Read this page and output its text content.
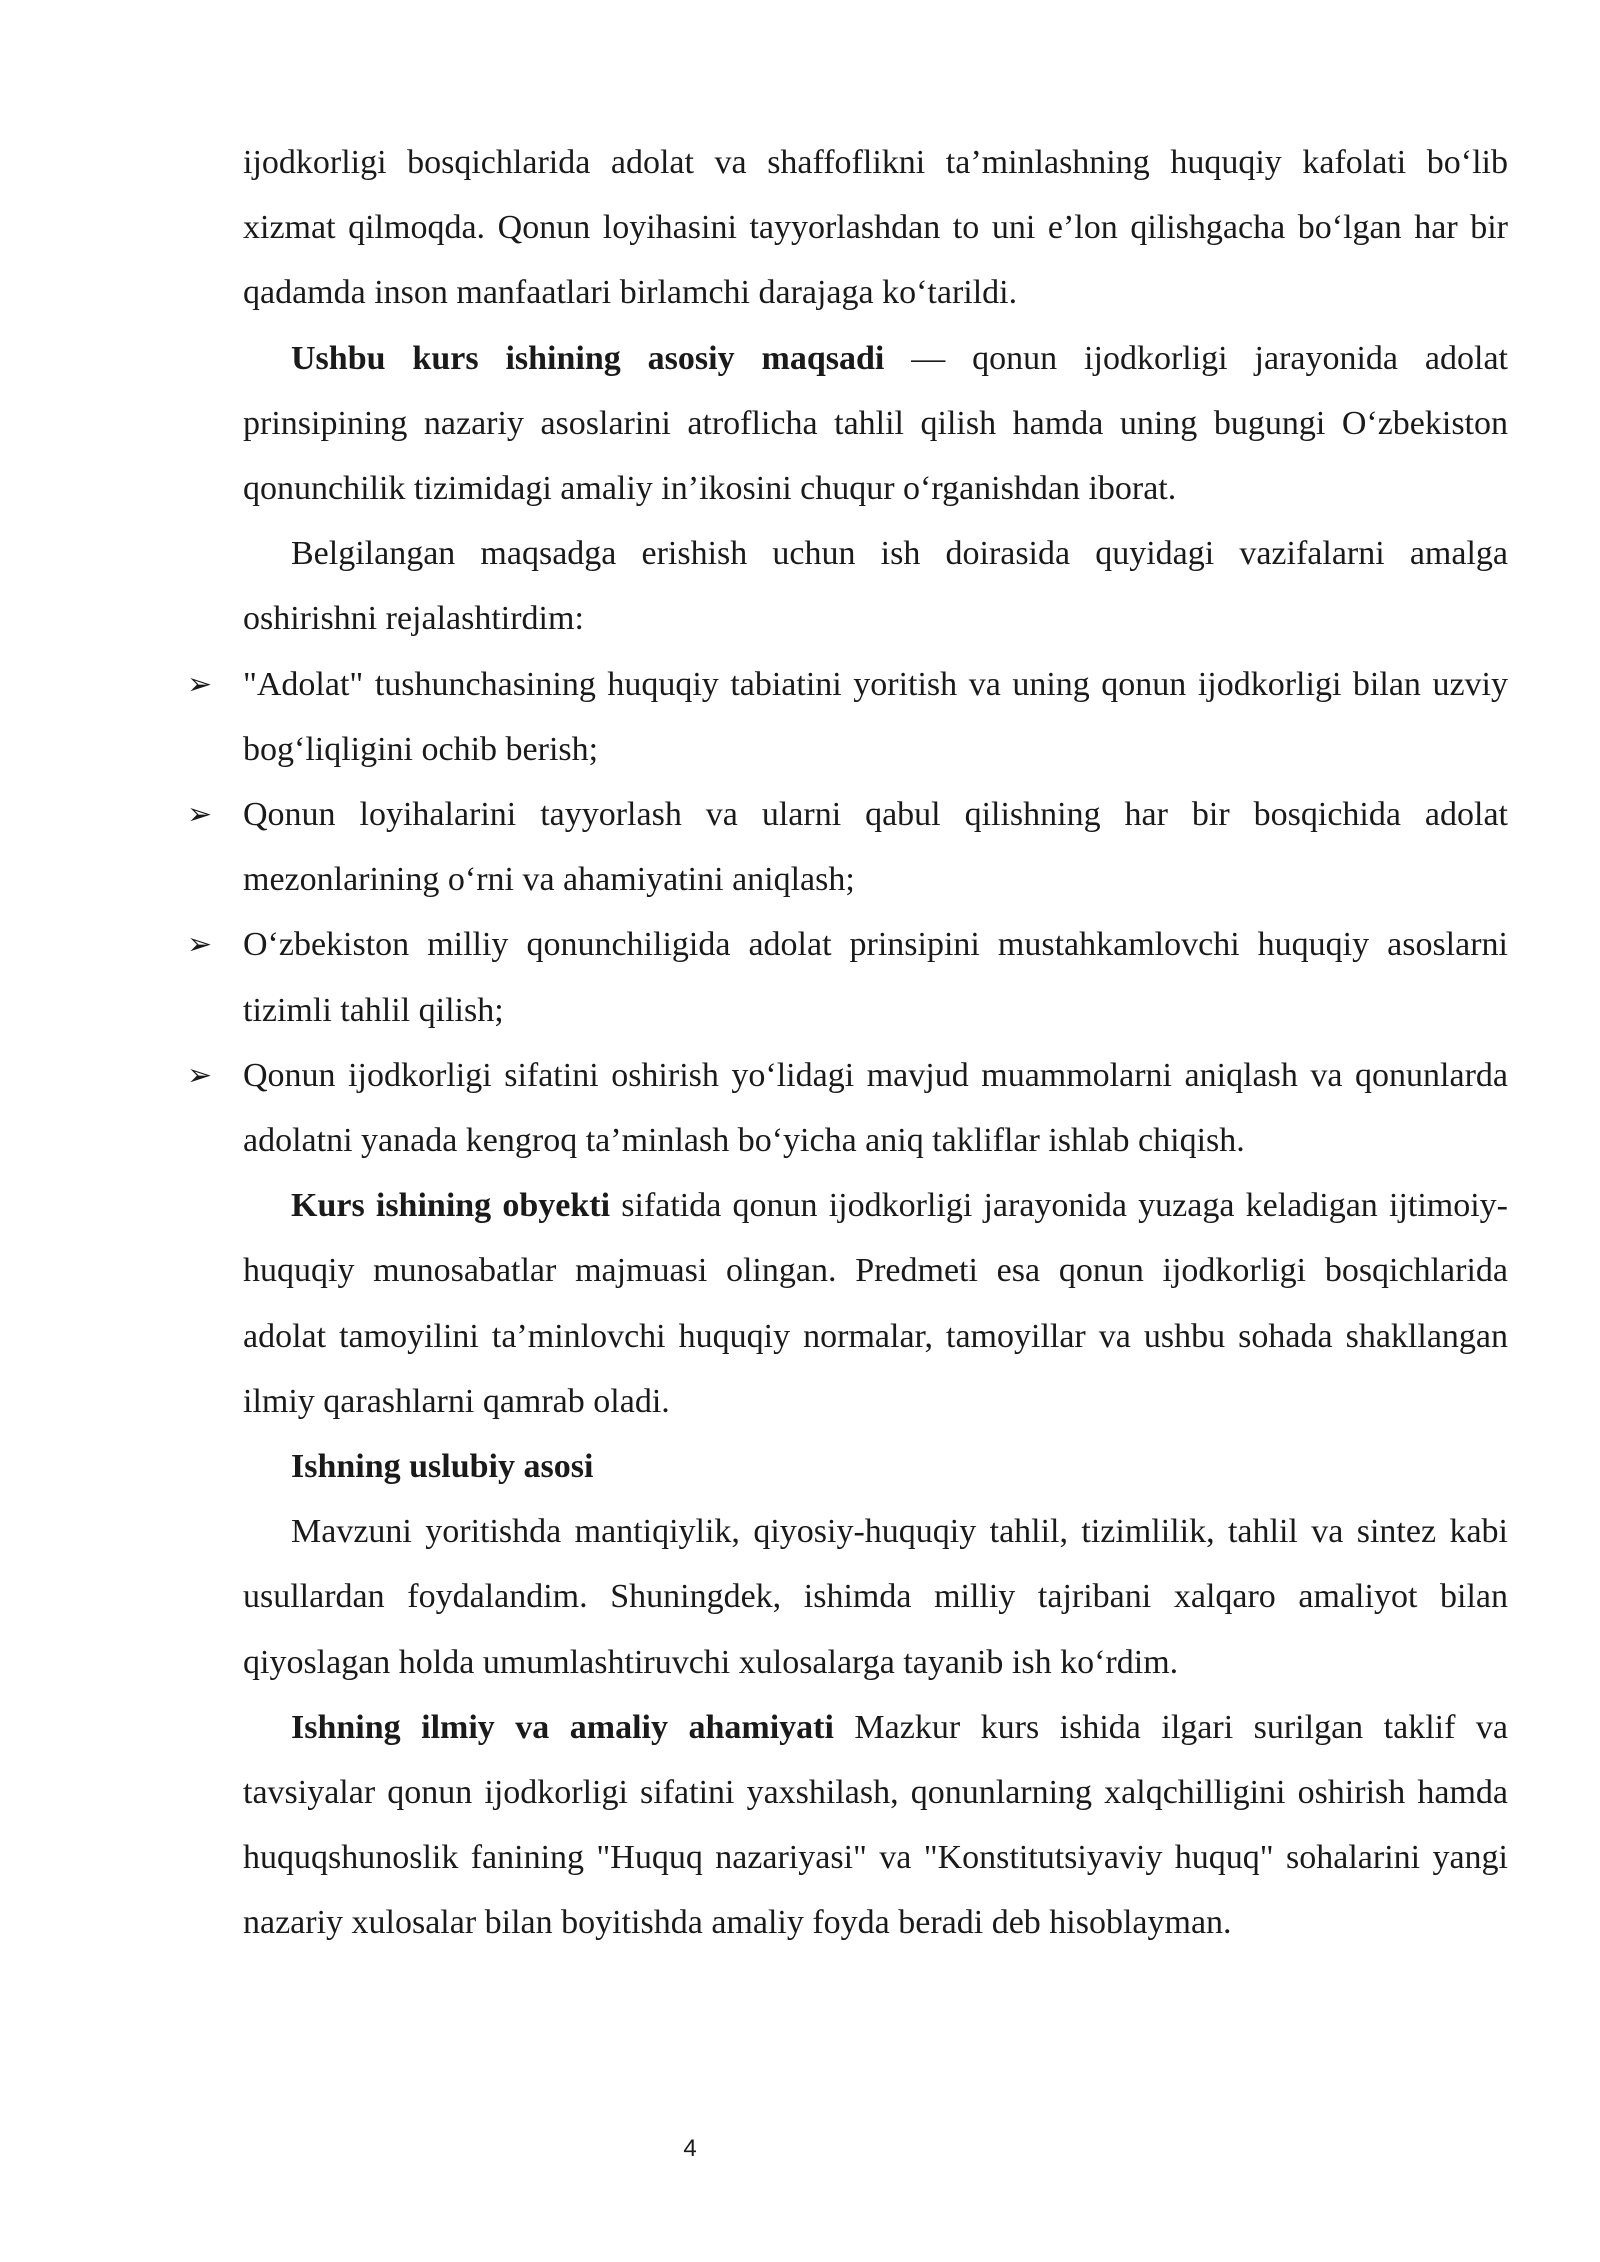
ijodkorligi bosqichlarida adolat va shaffoflikni ta’minlashning huquqiy kafolati bo‘lib xizmat qilmoqda. Qonun loyihasini tayyorlashdan to uni e’lon qilishgacha bo‘lgan har bir qadamda inson manfaatlari birlamchi darajaga ko‘tarildi.

Ushbu kurs ishining asosiy maqsadi — qonun ijodkorligi jarayonida adolat prinsipining nazariy asoslarini atroflicha tahlil qilish hamda uning bugungi O‘zbekiston qonunchilik tizimidagi amaliy in’ikosini chuqur o‘rganishdan iborat.

Belgilangan maqsadga erishish uchun ish doirasida quyidagi vazifalarni amalga oshirishni rejalashtirdim:

➢ "Adolat" tushunchasining huquqiy tabiatini yoritish va uning qonun ijodkorligi bilan uzviy bog‘liqligini ochib berish;
➢ Qonun loyihalarini tayyorlash va ularni qabul qilishning har bir bosqichida adolat mezonlarining o‘rni va ahamiyatini aniqlash;
➢ O‘zbekiston milliy qonunchiligida adolat prinsipini mustahkamlovchi huquqiy asoslarni tizimli tahlil qilish;
➢ Qonun ijodkorligi sifatini oshirish yo‘lidagi mavjud muammolarni aniqlash va qonunlarda adolatni yanada kengroq ta’minlash bo‘yicha aniq takliflar ishlab chiqish.

Kurs ishining obyekti sifatida qonun ijodkorligi jarayonida yuzaga keladigan ijtimoiy-huquqiy munosabatlar majmuasi olingan. Predmeti esa qonun ijodkorligi bosqichlarida adolat tamoyilini ta’minlovchi huquqiy normalar, tamoyillar va ushbu sohada shakllangan ilmiy qarashlarni qamrab oladi.

Ishning uslubiy asosi

Mavzuni yoritishda mantiqiylik, qiyosiy-huquqiy tahlil, tizimlilik, tahlil va sintez kabi usullardan foydalandim. Shuningdek, ishimda milliy tajribani xalqaro amaliyot bilan qiyoslagan holda umumlashtiruvchi xulosalarga tayanib ish ko‘rdim.

Ishning ilmiy va amaliy ahamiyati Mazkur kurs ishida ilgari surilgan taklif va tavsiyalar qonun ijodkorligi sifatini yaxshilash, qonunlarning xalqchilligini oshirish hamda huquqshunoslik fanining "Huquq nazariyasi" va "Konstitutsiyaviy huquq" sohalarini yangi nazariy xulosalar bilan boyitishda amaliy foyda beradi deb hisoblayman.

4
